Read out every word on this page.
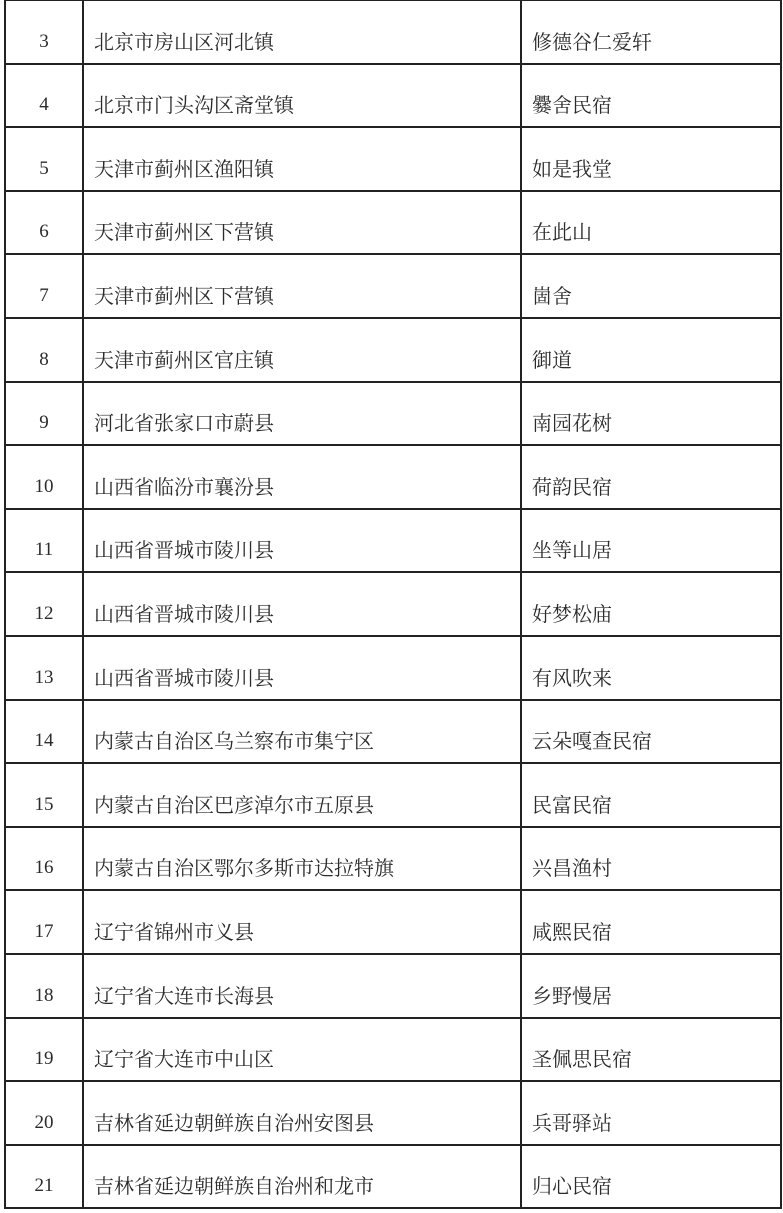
3	北京市房山区河北镇	修德谷仁爱轩
4	北京市门头沟区斋堂镇	爨舍民宿
5	天津市蓟州区渔阳镇	如是我堂
6	天津市蓟州区下营镇	在此山
7	天津市蓟州区下营镇	崮舍
8	天津市蓟州区官庄镇	御道
9	河北省张家口市蔚县	南园花树
10	山西省临汾市襄汾县	荷韵民宿
11	山西省晋城市陵川县	坐等山居
12	山西省晋城市陵川县	好梦松庙
13	山西省晋城市陵川县	有风吹来
14	内蒙古自治区乌兰察布市集宁区	云朵嘎查民宿
15	内蒙古自治区巴彦淖尔市五原县	民富民宿
16	内蒙古自治区鄂尔多斯市达拉特旗	兴昌渔村
17	辽宁省锦州市义县	咸熙民宿
18	辽宁省大连市长海县	乡野慢居
19	辽宁省大连市中山区	圣佩思民宿
20	吉林省延边朝鲜族自治州安图县	兵哥驿站
21	吉林省延边朝鲜族自治州和龙市	归心民宿
